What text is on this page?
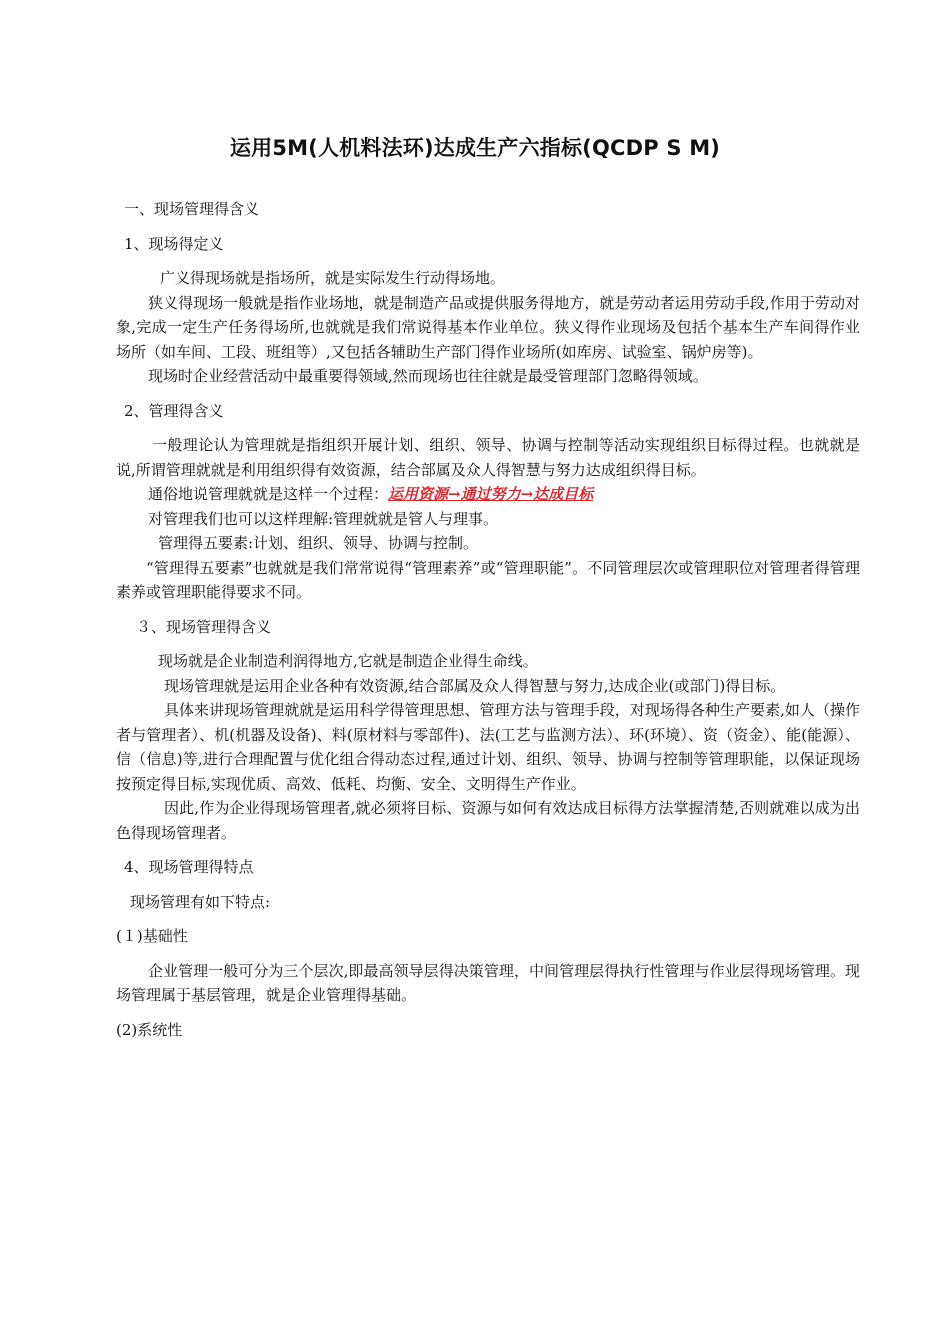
运用5M(人机料法环)达成生产六指标(QCDP S M)

一、现场管理得含义

1、现场得定义

广义得现场就是指场所，就是实际发生行动得场地。

狭义得现场一般就是指作业场地，就是制造产品或提供服务得地方，就是劳动者运用劳动手段,作用于劳动对象,完成一定生产任务得场所,也就就是我们常说得基本作业单位。狭义得作业现场及包括个基本生产车间得作业场所（如车间、工段、班组等）,又包括各辅助生产部门得作业场所(如库房、试验室、锅炉房等)。

现场时企业经营活动中最重要得领域,然而现场也往往就是最受管理部门忽略得领域。

2、管理得含义

一般理论认为管理就是指组织开展计划、组织、领导、协调与控制等活动实现组织目标得过程。也就就是说,所谓管理就就是利用组织得有效资源，结合部属及众人得智慧与努力达成组织得目标。

通俗地说管理就就是这样一个过程：运用资源→通过努力→达成目标

对管理我们也可以这样理解:管理就就是管人与理事。

管理得五要素:计划、组织、领导、协调与控制。

“管理得五要素”也就就是我们常常说得“管理素养”或“管理职能”。不同管理层次或管理职位对管理者得管理素养或管理职能得要求不同。

３、现场管理得含义

现场就是企业制造利润得地方,它就是制造企业得生命线。

现场管理就是运用企业各种有效资源,结合部属及众人得智慧与努力,达成企业(或部门)得目标。

具体来讲现场管理就就是运用科学得管理思想、管理方法与管理手段，对现场得各种生产要素,如人（操作者与管理者）、机(机器及设备)、料(原材料与零部件)、法(工艺与监测方法）、环(环境）、资（资金）、能(能源）、信（信息)等,进行合理配置与优化组合得动态过程,通过计划、组织、领导、协调与控制等管理职能，以保证现场按预定得目标,实现优质、高效、低耗、均衡、安全、文明得生产作业。

因此,作为企业得现场管理者,就必须将目标、资源与如何有效达成目标得方法掌握清楚,否则就难以成为出色得现场管理者。

4、现场管理得特点

现场管理有如下特点:

(１)基础性

企业管理一般可分为三个层次,即最高领导层得决策管理，中间管理层得执行性管理与作业层得现场管理。现场管理属于基层管理，就是企业管理得基础。

(2)系统性
